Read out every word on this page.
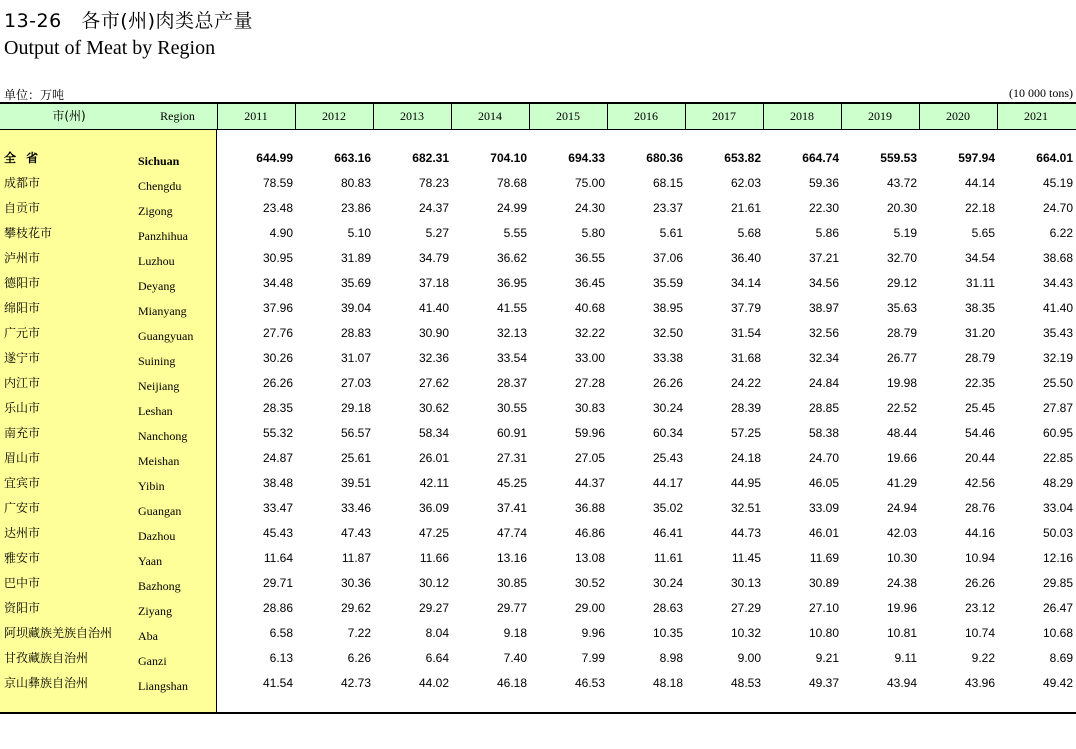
13-26　各市(州)肉类总产量
Output of Meat by Region
单位：万吨	(10 000 tons)
市(州)	Region	2011	2012	2013	2014	2015	2016	2017	2018	2019	2020	2021
全 省	Sichuan	644.99	663.16	682.31	704.10	694.33	680.36	653.82	664.74	559.53	597.94	664.01
成都市	Chengdu	78.59	80.83	78.23	78.68	75.00	68.15	62.03	59.36	43.72	44.14	45.19
自贡市	Zigong	23.48	23.86	24.37	24.99	24.30	23.37	21.61	22.30	20.30	22.18	24.70
攀枝花市	Panzhihua	4.90	5.10	5.27	5.55	5.80	5.61	5.68	5.86	5.19	5.65	6.22
泸州市	Luzhou	30.95	31.89	34.79	36.62	36.55	37.06	36.40	37.21	32.70	34.54	38.68
德阳市	Deyang	34.48	35.69	37.18	36.95	36.45	35.59	34.14	34.56	29.12	31.11	34.43
绵阳市	Mianyang	37.96	39.04	41.40	41.55	40.68	38.95	37.79	38.97	35.63	38.35	41.40
广元市	Guangyuan	27.76	28.83	30.90	32.13	32.22	32.50	31.54	32.56	28.79	31.20	35.43
遂宁市	Suining	30.26	31.07	32.36	33.54	33.00	33.38	31.68	32.34	26.77	28.79	32.19
内江市	Neijiang	26.26	27.03	27.62	28.37	27.28	26.26	24.22	24.84	19.98	22.35	25.50
乐山市	Leshan	28.35	29.18	30.62	30.55	30.83	30.24	28.39	28.85	22.52	25.45	27.87
南充市	Nanchong	55.32	56.57	58.34	60.91	59.96	60.34	57.25	58.38	48.44	54.46	60.95
眉山市	Meishan	24.87	25.61	26.01	27.31	27.05	25.43	24.18	24.70	19.66	20.44	22.85
宜宾市	Yibin	38.48	39.51	42.11	45.25	44.37	44.17	44.95	46.05	41.29	42.56	48.29
广安市	Guangan	33.47	33.46	36.09	37.41	36.88	35.02	32.51	33.09	24.94	28.76	33.04
达州市	Dazhou	45.43	47.43	47.25	47.74	46.86	46.41	44.73	46.01	42.03	44.16	50.03
雅安市	Yaan	11.64	11.87	11.66	13.16	13.08	11.61	11.45	11.69	10.30	10.94	12.16
巴中市	Bazhong	29.71	30.36	30.12	30.85	30.52	30.24	30.13	30.89	24.38	26.26	29.85
资阳市	Ziyang	28.86	29.62	29.27	29.77	29.00	28.63	27.29	27.10	19.96	23.12	26.47
阿坝藏族羌族自治州 Aba	6.58	7.22	8.04	9.18	9.96	10.35	10.32	10.80	10.81	10.74	10.68
甘孜藏族自治州	Ganzi	6.13	6.26	6.64	7.40	7.99	8.98	9.00	9.21	9.11	9.22	8.69
京山彝族自治州	Liangshan	41.54	42.73	44.02	46.18	46.53	48.18	48.53	49.37	43.94	43.96	49.42
